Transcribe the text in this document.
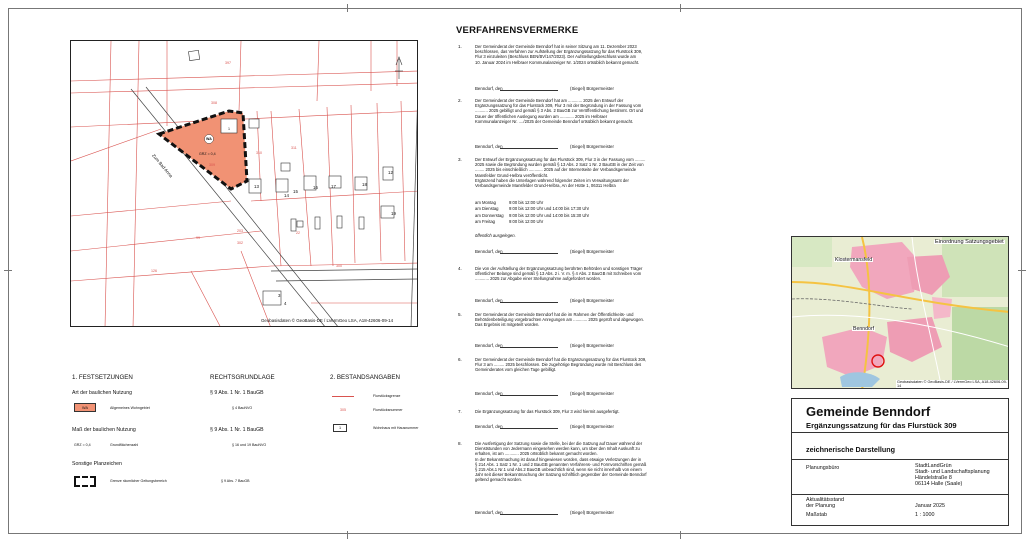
397
308
309
310
311
1
13
14
15
16	17	18
19
12
203
302
22
300
99
3
4
126
WA
GRZ = 0,4
Zum Bad Anna
Geobasisdaten © GeoBasis-DE / LVermGeo LSA, A18-42606-09-14
1. FESTSETZUNGEN	RECHTSGRUNDLAGE	2. BESTANDSANGABEN
Art der baulichen Nutzung	§ 9 Abs. 1 Nr. 1 BauGB
WA	Allgemeines Wohngebiet	§ 4 BauNVO
Maß der baulichen Nutzung	§ 9 Abs. 1 Nr. 1 BauGB
GRZ = 0,4	Grundflächenzahl	§ 16 und 19 BauNVO
Sonstige Planzeichen
Grenze räumlicher Geltungsbereich	§ 9 Abs. 7 BauGB
Flurstücksgrenze
305	Flurstücksnummer
1	Wohnhaus mit Hausnummer
VERFAHRENSVERMERKE
1.	Der Gemeinderat der Gemeinde Benndorf hat in seiner Sitzung am 11. Dezember 2023
beschlossen, das Verfahren zur Aufstellung der Ergänzungssatzung für das Flurstück 309,
Flur 3 einzuleiten (Beschluss BEN/BV/147/2023). Der Aufstellungsbeschluss wurde am
10. Januar 2024 im Helbraer Kommunalanzeiger Nr. 1/2024 ortsüblich bekannt gemacht.
Benndorf, den	(Siegel) Bürgermeister
2.	Der Gemeinderat der Gemeinde Benndorf hat am ............ 2025 den Entwurf der
Ergänzungssatzung für das Flurstück 309, Flur 3 mit der Begründung in der Fassung vom
........... 2025 gebilligt und gemäß § 3 Abs. 2 BauGB zur Veröffentlichung bestimmt. Ort und
Dauer der öffentlichen Auslegung wurden am ............ 2025 im Helbraer
Kommunalanzeiger Nr. ..../2025 der Gemeinde Benndorf ortsüblich bekannt gemacht.
Benndorf, den	(Siegel) Bürgermeister
3.	Der Entwurf der Ergänzungssatzung für das Flurstück 309, Flur 3 in der Fassung vom .........
2025 sowie die Begründung wurden gemäß § 13 Abs. 2 Satz 1 Nr. 2 BauGB in der Zeit von
........ 2025 bis einschließlich ............ 2025 auf der Internetseite der Verbandsgemeinde
Mansfelder Grund-Helbra veröffentlicht.
Ergänzend haben die Unterlagen während folgender Zeiten im Verwaltungsamt der
Verbandsgemeinde Mansfelder Grund-Helbra, An der Hütte 1, 06311 Helbra
am Montag	9:00 bis 12:00 Uhr
am Dienstag 9:00 bis 12:00 Uhr und 14:00 bis 17:30 Uhr
am Donnerstag 9:00 bis 12:00 Uhr und 14:00 bis 15:30 Uhr
am Freitag	9:00 bis 12:00 Uhr
öffentlich ausgelegen.
Benndorf, den	(Siegel) Bürgermeister
4.	Die von der Aufstellung der Ergänzungssatzung berührten Behörden und sonstigen Träger
öffentlicher Belange sind gemäß § 13 Abs. 2 i. V. m. § 4 Abs. 2 BauGB mit Schreiben vom
............ 2025 zur Abgabe einer Stellungnahme aufgefordert worden.
Benndorf, den	(Siegel) Bürgermeister
5.	Der Gemeinderat der Gemeinde Benndorf hat die im Rahmen der Öffentlichkeits- und
Behördenbeteiligung vorgebrachten Anregungen am ............ 2025 geprüft und abgewogen.
Das Ergebnis ist mitgeteilt worden.
Benndorf, den	(Siegel) Bürgermeister
6.	Der Gemeinderat der Gemeinde Benndorf hat die Ergänzungssatzung für das Flurstück 309,
Flur 3 am ......... 2025 beschlossen. Die zugehörige Begründung wurde mit Beschluss des
Gemeinderates vom gleichen Tage gebilligt.
Benndorf, den	(Siegel) Bürgermeister
7.	Die Ergänzungssatzung für das Flurstück 309, Flur 3 wird hiermit ausgefertigt.
Benndorf, den	(Siegel) Bürgermeister
8.	Die Ausfertigung der Satzung sowie die Stelle, bei der die Satzung auf Dauer während der
Dienststunden von Jedermann eingesehen werden kann, um über den Inhalt Auskunft zu
erhalten, ist am ............ 2025 ortsüblich bekannt gemacht worden.
In der Bekanntmachung ist darauf hingewiesen worden, dass etwaige Verletzungen der in
§ 214 Abs. 1 Satz 1 Nr. 1 und 2 BauGB genannten Verfahrens- und Formvorschriften gemäß
§ 215 Abs.1 Nr.1 und Abs.2 BauGB unbeachtlich sind, wenn sie nicht innerhalb von einem
Jahr seit dieser Bekanntmachung der Satzung schriftlich gegenüber der Gemeinde Benndorf
geltend gemacht worden.
Benndorf, den	(Siegel) Bürgermeister
Einordnung Satzungsgebiet
Klostermansfeld
Benndorf
Geobasisdaten © GeoBasis-DE / LVermGeo LSA, A18-42606-09-14
Gemeinde Benndorf
Ergänzungssatzung für das Flurstück 309
zeichnerische Darstellung
Planungsbüro	StadtLandGrün
Stadt- und Landschaftsplanung
Händelstraße 8
06114 Halle (Saale)
Aktualitätsstand
der Planung	Januar 2025
Maßstab	1 : 1000
